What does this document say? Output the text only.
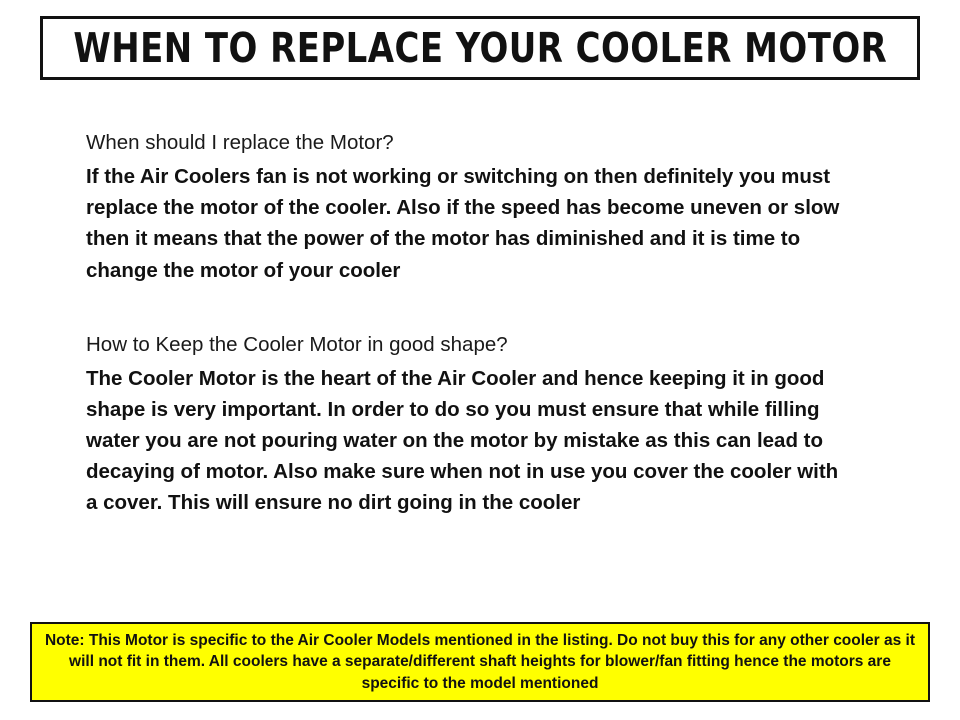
WHEN TO REPLACE YOUR COOLER MOTOR

When should I replace the Motor?

If the Air Coolers fan is not working or switching on then definitely you must replace the motor of the cooler. Also if the speed has become uneven or slow then it means that the power of the motor has diminished and it is time to change the motor of your cooler

How to Keep the Cooler Motor in good shape?

The Cooler Motor is the heart of the Air Cooler and hence keeping it in good shape is very important. In order to do so you must ensure that while filling water you are not pouring water on the motor by mistake as this can lead to decaying of motor. Also make sure when not in use you cover the cooler with a cover. This will ensure no dirt going in the cooler

Note: This Motor is specific to the Air Cooler Models mentioned in the listing. Do not buy this for any other cooler as it will not fit in them. All coolers have a separate/different shaft heights for blower/fan fitting hence the motors are specific to the model mentioned
